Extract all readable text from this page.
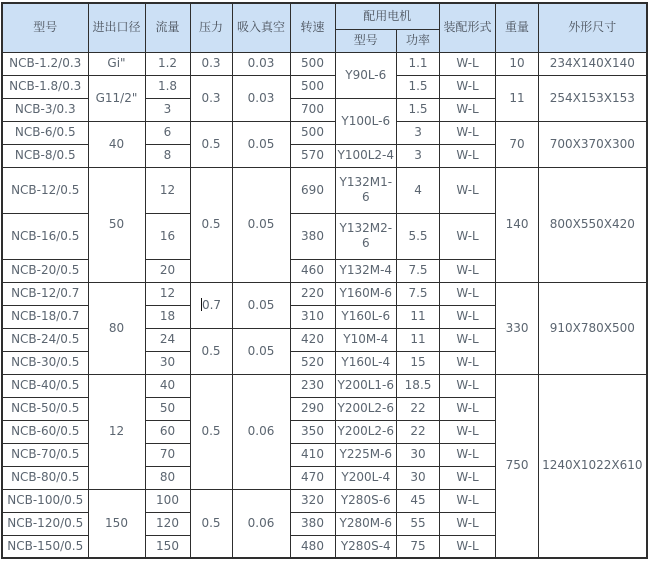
型号	进出口径	流量	压力	吸入真空	转速	配用电机		装配形式	重量	外形尺寸
						型号	功率			
NCB-1.2/0.3	Gi"	1.2	0.3	0.03	500	Y90L-6	1.1	W-L	10	234X140X140
NCB-1.8/0.3	G11/2"	1.8	0.3	0.03	500		1.5	W-L	11	254X153X153
NCB-3/0.3		3			700	Y100L-6	1.5	W-L		
NCB-6/0.5	40	6	0.5	0.05	500		3	W-L	70	700X370X300
NCB-8/0.5		8			570	Y100L2-4	3	W-L		
NCB-12/0.5	50	12	0.5	0.05	690	Y132M1-6	4	W-L	140	800X550X420
NCB-16/0.5		16			380	Y132M2-6	5.5	W-L		
NCB-20/0.5		20			460	Y132M-4	7.5	W-L		
NCB-12/0.7	80	12	0.7	0.05	220	Y160M-6	7.5	W-L	330	910X780X500
NCB-18/0.7		18			310	Y160L-6	11	W-L		
NCB-24/0.5		24	0.5	0.05	420	Y10M-4	11	W-L		
NCB-30/0.5		30			520	Y160L-4	15	W-L		
NCB-40/0.5	12	40	0.5	0.06	230	Y200L1-6	18.5	W-L	750	1240X1022X610
NCB-50/0.5		50			290	Y200L2-6	22	W-L		
NCB-60/0.5		60			350	Y200L2-6	22	W-L		
NCB-70/0.5		70			410	Y225M-6	30	W-L		
NCB-80/0.5		80			470	Y200L-4	30	W-L		
NCB-100/0.5	150	100	0.5	0.06	320	Y280S-6	45	W-L		
NCB-120/0.5		120			380	Y280M-6	55	W-L		
NCB-150/0.5		150			480	Y280S-4	75	W-L		
